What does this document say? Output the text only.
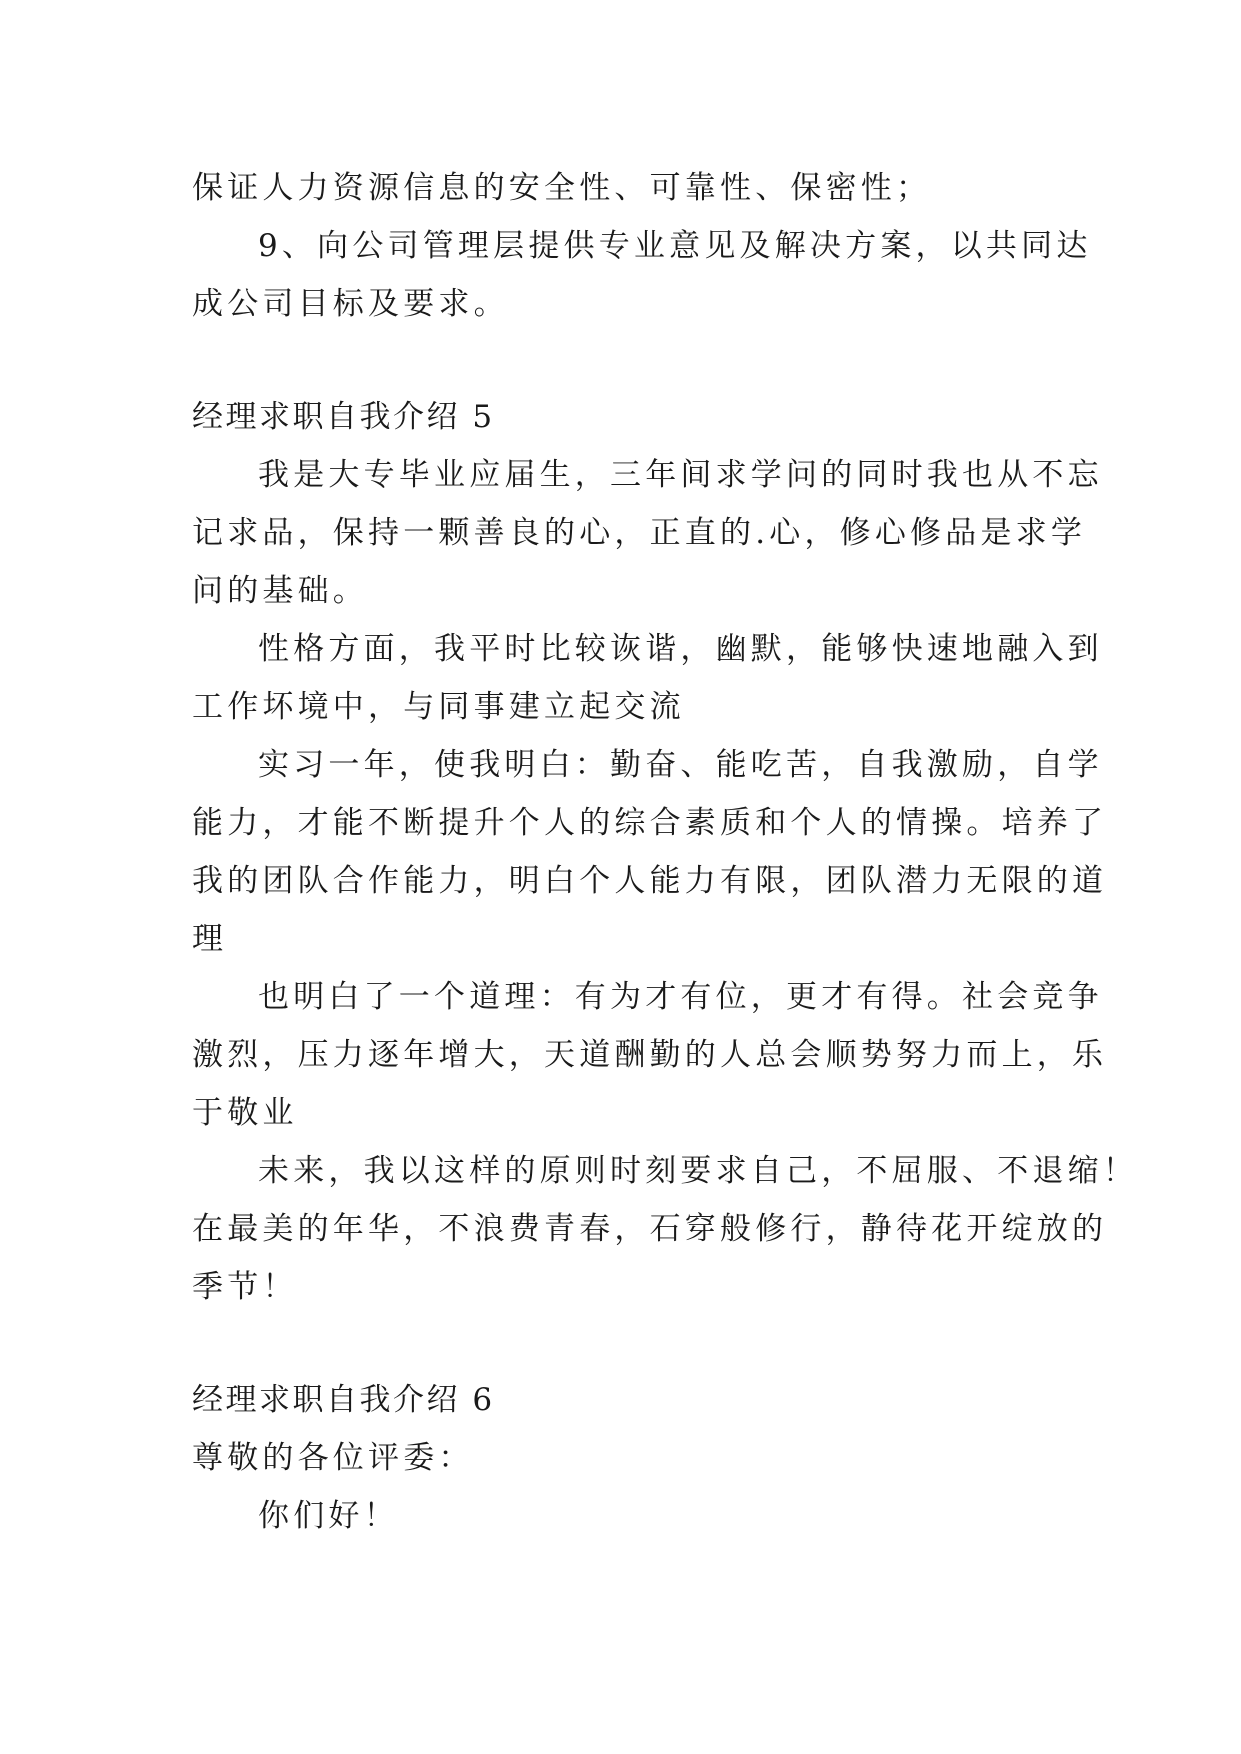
保证人力资源信息的安全性、可靠性、保密性；
9、向公司管理层提供专业意见及解决方案，以共同达
成公司目标及要求。
经理求职自我介绍 5
我是大专毕业应届生，三年间求学问的同时我也从不忘
记求品，保持一颗善良的心，正直的.心，修心修品是求学
问的基础。
性格方面，我平时比较诙谐，幽默，能够快速地融入到
工作坏境中，与同事建立起交流
实习一年，使我明白：勤奋、能吃苦，自我激励，自学
能力，才能不断提升个人的综合素质和个人的情操。培养了
我的团队合作能力，明白个人能力有限，团队潜力无限的道
理
也明白了一个道理：有为才有位，更才有得。社会竞争
激烈，压力逐年增大，天道酬勤的人总会顺势努力而上，乐
于敬业
未来，我以这样的原则时刻要求自己，不屈服、不退缩！
在最美的年华，不浪费青春，石穿般修行，静待花开绽放的
季节！
经理求职自我介绍 6
尊敬的各位评委：
你们好！
